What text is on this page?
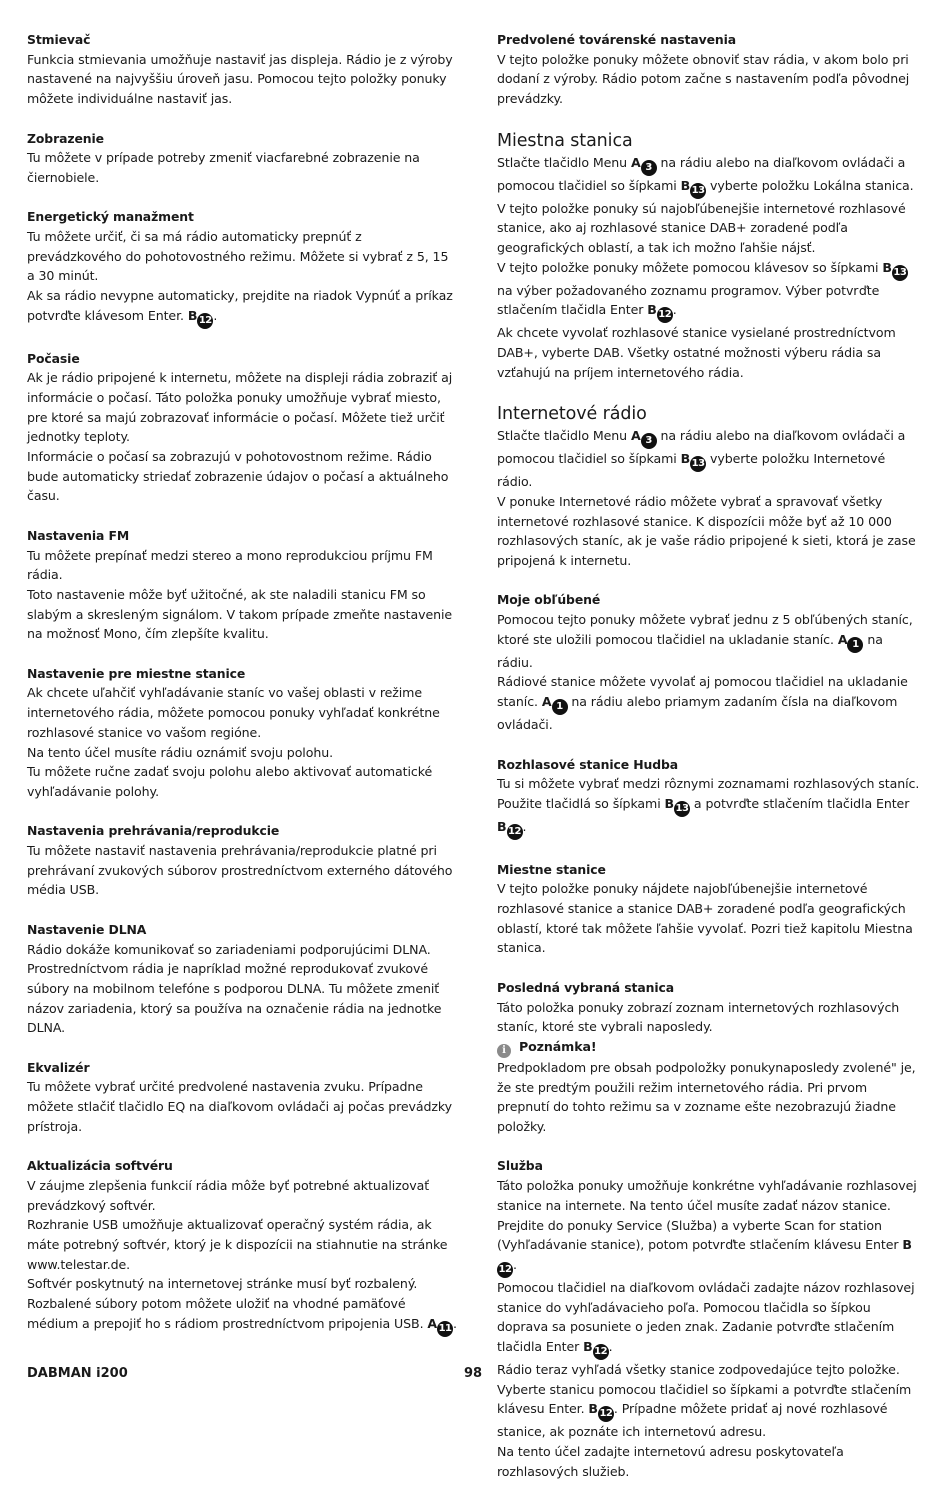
Stmievač

Funkcia stmievania umožňuje nastaviť jas displeja. Rádio je z výroby nastavené na najvyššiu úroveň jasu. Pomocou tejto položky ponuky môžete individuálne nastaviť jas.

Zobrazenie

Tu môžete v prípade potreby zmeniť viacfarebné zobrazenie na čiernobiele.

Energetický manažment

Tu môžete určiť, či sa má rádio automaticky prepnúť z prevádzkového do pohotovostného režimu. Môžete si vybrať z 5, 15 a 30 minút.

Ak sa rádio nevypne automaticky, prejdite na riadok Vypnúť a príkaz potvrďte klávesom Enter. B 12 .

Počasie

Ak je rádio pripojené k internetu, môžete na displeji rádia zobraziť aj informácie o počasí. Táto položka ponuky umožňuje vybrať miesto, pre ktoré sa majú zobrazovať informácie o počasí. Môžete tiež určiť jednotky teploty.

Informácie o počasí sa zobrazujú v pohotovostnom režime. Rádio bude automaticky striedať zobrazenie údajov o počasí a aktuálneho času.

Nastavenia FM

Tu môžete prepínať medzi stereo a mono reprodukciou príjmu FM rádia.

Toto nastavenie môže byť užitočné, ak ste naladili stanicu FM so slabým a skresleným signálom. V takom prípade zmeňte nastavenie na možnosť Mono, čím zlepšíte kvalitu.

Nastavenie pre miestne stanice

Ak chcete uľahčiť vyhľadávanie staníc vo vašej oblasti v režime internetového rádia, môžete pomocou ponuky vyhľadať konkrétne rozhlasové stanice vo vašom regióne.

Na tento účel musíte rádiu oznámiť svoju polohu.

Tu môžete ručne zadať svoju polohu alebo aktivovať automatické vyhľadávanie polohy.

Nastavenia prehrávania/reprodukcie

Tu môžete nastaviť nastavenia prehrávania/reprodukcie platné pri prehrávaní zvukových súborov prostredníctvom externého dátového média USB.

Nastavenie DLNA

Rádio dokáže komunikovať so zariadeniami podporujúcimi DLNA. Prostredníctvom rádia je napríklad možné reprodukovať zvukové súbory na mobilnom telefóne s podporou DLNA. Tu môžete zmeniť názov zariadenia, ktorý sa používa na označenie rádia na jednotke DLNA.

Ekvalizér

Tu môžete vybrať určité predvolené nastavenia zvuku. Prípadne môžete stlačiť tlačidlo EQ na diaľkovom ovládači aj počas prevádzky prístroja.

Aktualizácia softvéru

V záujme zlepšenia funkcií rádia môže byť potrebné aktualizovať prevádzkový softvér.

Rozhranie USB umožňuje aktualizovať operačný systém rádia, ak máte potrebný softvér, ktorý je k dispozícii na stiahnutie na stránke www.telestar.de.

Softvér poskytnutý na internetovej stránke musí byť rozbalený. Rozbalené súbory potom môžete uložiť na vhodné pamäťové médium a prepojiť ho s rádiom prostredníctvom pripojenia USB. A 11 .

Predvolené továrenské nastavenia

V tejto položke ponuky môžete obnoviť stav rádia, v akom bolo pri dodaní z výroby. Rádio potom začne s nastavením podľa pôvodnej prevádzky.

Miestna stanica

Stlačte tlačidlo Menu A 3 na rádiu alebo na diaľkovom ovládači a pomocou tlačidiel so šípkami B 13 vyberte položku Lokálna stanica.

V tejto položke ponuky sú najobľúbenejšie internetové rozhlasové stanice, ako aj rozhlasové stanice DAB+ zoradené podľa geografických oblastí, a tak ich možno ľahšie nájsť.

V tejto položke ponuky môžete pomocou klávesov so šípkami B 13 na výber požadovaného zoznamu programov. Výber potvrďte stlačením tlačidla Enter B 12 .

Ak chcete vyvolať rozhlasové stanice vysielané prostredníctvom DAB+, vyberte DAB. Všetky ostatné možnosti výberu rádia sa vzťahujú na príjem internetového rádia.

Internetové rádio

Stlačte tlačidlo Menu A 3 na rádiu alebo na diaľkovom ovládači a pomocou tlačidiel so šípkami B 13 vyberte položku Internetové rádio.

V ponuke Internetové rádio môžete vybrať a spravovať všetky internetové rozhlasové stanice. K dispozícii môže byť až 10 000 rozhlasových staníc, ak je vaše rádio pripojené k sieti, ktorá je zase pripojená k internetu.

Moje obľúbené

Pomocou tejto ponuky môžete vybrať jednu z 5 obľúbených staníc, ktoré ste uložili pomocou tlačidiel na ukladanie staníc. A 1 na rádiu.

Rádiové stanice môžete vyvolať aj pomocou tlačidiel na ukladanie staníc. A 1 na rádiu alebo priamym zadaním čísla na diaľkovom ovládači.

Rozhlasové stanice Hudba

Tu si môžete vybrať medzi rôznymi zoznamami rozhlasových staníc. Použite tlačidlá so šípkami B 13 a potvrďte stlačením tlačidla Enter B 12 .

Miestne stanice

V tejto položke ponuky nájdete najobľúbenejšie internetové rozhlasové stanice a stanice DAB+ zoradené podľa geografických oblastí, ktoré tak môžete ľahšie vyvolať. Pozri tiež kapitolu Miestna stanica.

Posledná vybraná stanica

Táto položka ponuky zobrazí zoznam internetových rozhlasových staníc, ktoré ste vybrali naposledy.

i Poznámka!

Predpokladom pre obsah podpoložky ponukynaposledy zvolené" je, že ste predtým použili režim internetového rádia. Pri prvom prepnutí do tohto režimu sa v zozname ešte nezobrazujú žiadne položky.

Služba

Táto položka ponuky umožňuje konkrétne vyhľadávanie rozhlasovej stanice na internete. Na tento účel musíte zadať názov stanice.

Prejdite do ponuky Service (Služba) a vyberte Scan for station (Vyhľadávanie stanice), potom potvrďte stlačením klávesu Enter B12 .

Pomocou tlačidiel na diaľkovom ovládači zadajte názov rozhlasovej stanice do vyhľadávacieho poľa. Pomocou tlačidla so šípkou doprava sa posuniete o jeden znak. Zadanie potvrďte stlačením tlačidla Enter B 12 .

Rádio teraz vyhľadá všetky stanice zodpovedajúce tejto položke. Vyberte stanicu pomocou tlačidiel so šípkami a potvrďte stlačením klávesu Enter. B 12 . Prípadne môžete pridať aj nové rozhlasové stanice, ak poznáte ich internetovú adresu.

Na tento účel zadajte internetovú adresu poskytovateľa rozhlasových služieb.

DABMAN i200	98
